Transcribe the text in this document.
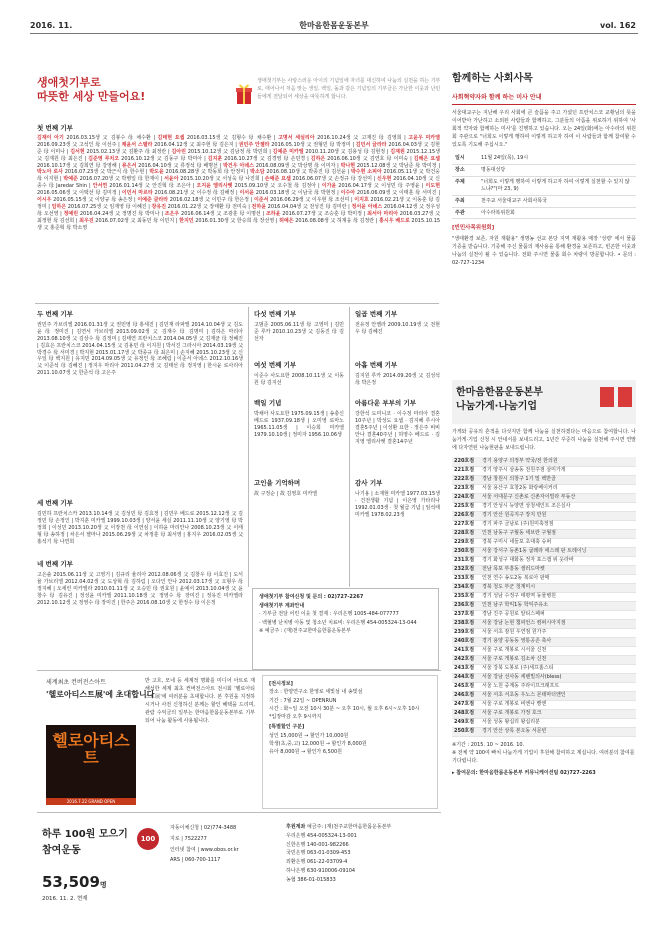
2016. 11.	한마음한몸운동본부	vol. 162
생애첫기부로
따뜻한 세상 만들어요!
생애첫기부는 사랑스러운 아이의 기념일에 자녀를 대신하여 나눔의 실천을 하는 기부로, 태어나서 처음 맞는 생일, 백일, 돌과 같은 기념일의 기부금은 가난한 이웃과 난민들에게 전달되어 세상을 따뜻하게 합니다.
첫 번째 기부
김재이 아기 2016.03.15생 父 김봉수 母 채수환 | 김태현 요셉 2016.03.15생 父 김형수 母 채수환 | 고명서 세실리아 2016.10.24생 父 고재진 母 김영희 | 고윤우 미카엘 2016.09.23생 父 고석인 母 이선주 | 채윤서 스텔라 2016.04.12생 父 최주현 母 김은지 | 권민주 안젤라 2016.05.10생 父 권형민 母 박정미 | 김민서 글라라 2016.04.03생 父 김현준 母 이미나 | 김서현 2015.02.13생 父 김환주 母 최정란 | 김아린 2015.10.12생 父 김남정 母 박민희 | 김예준 미카엘 2010.11.20생 父 김용성 母 김현정 | 김재원 2015.12.15생 父 김재원 母 최은진 | 김준영 루치오 2016.10.12생 父 김동구 母 박미아 | 김지훈 2016.10.27생 父 김경영 母 손민경 | 김하은 2016.06.10생 父 김연호 母 이미숙 | 김해은 요셉 2016.10.17생 父 김희연 母 강영해 | 류은서 2016.04.10생 父 류정석 母 배명선 | 박건우 아녜스 2016.08.09생 父 박상명 母 이미자 | 박나현 2015.12.08생 父 박남준 母 박미정 | 박노아 로사 2016.07.23생 父 박근식 母 한수현 | 박도윤 2016.08.28생 父 박동희 母 안정미 | 박소담 2016.08.10생 父 박종진 母 김선윤 | 박수현 소피아 2016.05.11생 父 박건웅 母 이지현 | 박예준 2016.07.20생 父 박병일 母 한재이 | 서윤아 2015.10.20생 父 서성욱 母 나진희 | 손예준 요셉 2016.06.07생 父 손정규 母 강선미 | 신우현 2016.04.10생 父 신종수 母 Jaredar Shin | 안서연 2016.01.14생 父 안진혁 母 조은아 | 오지윤 엘리사벳 2015.09.10생 父 오수철 母 김정아 | 이가윤 2016.04.17생 父 이성민 母 주영윤 | 이도현 2016.05.06생 父 이택선 母 김미정 | 이민서 마르타 2016.08.21생 父 이수정 母 김해정 | 이서윤 2016.03.18생 父 이남국 母 박현정 | 이수아 2016.06.09생 父 이태훈 母 서미진 | 이시우 2016.05.15생 父 이양규 母 송은정 | 이예준 클라라 2016.02.18생 父 이민구 母 한은정 | 이준서 2016.06.29생 父 이우현 母 조선미 | 이지호 2016.02.21생 父 이동훈 母 김정미 | 임하은 2016.07.25생 父 임재영 母 이혜진 | 장유진 2016.01.22생 父 장태환 母 전미숙 | 전하윤 2016.04.04생 父 전성진 母 김미란 | 정서윤 아녜스 2016.04.12생 父 정우성 母 오선영 | 정예린 2016.04.24생 父 정명진 母 박미나 | 조은우 2016.06.14생 父 조광훈 母 이명선 | 조하윤 2016.07.27생 父 조승훈 母 박미정 | 최서아 마리아 2016.03.27생 父 최정현 母 김선희 | 최우진 2016.07.02생 父 최동민 母 이민지 | 한지민 2016.01.30생 父 한승희 母 장선영 | 허예은 2016.08.08생 父 허재웅 母 김정란 | 홍시우 베드로 2015.10.15생 父 홍준혁 母 박소영
두 번째 기부

권민주 가브리엘 2016.01.31생 父 권민영 母 홍세진 | 김민재 라파엘 2014.10.04생 父 김도윤 母 정미진 | 김연서 가브리엘 2013.09.02생 父 김재수 母 김명미 | 김하은 마리아 2013.08.10생 父 김상수 母 김정미 | 김태연 프란치스코 2014.04.05생 父 김재균 母 정혜진 | 김효은 프란치스코 2014.04.15생 父 김용민 母 이지원 | 박서진 그라시아 2014.03.19생 父 박경수 母 서미경 | 박지현 2015.01.17생 父 박종규 母 최은미 | 손지혜 2015.10.23생 父 신우일 母 백지원 | 유지민 2014.09.05생 父 유정인 母 조혜림 | 이준서 아녜스 2012.10.16생 父 이준석 母 김혜진 | 정지우 마리아 2011.04.27생 父 김태선 母 정지영 | 한시윤 로사리아 2011.10.07생 父 한준석 母 고은주

세 번째 기부

김민하 프란치스카 2013.10.14생 父 김성민 母 김효정 | 김민우 베드로 2015.12.12생 父 김정민 母 손정인 | 박지훈 미카엘 1999.10.03생 | 양서윤 세실 2011.11.10생 父 양기영 母 박정희 | 이성민 2013.10.20생 父 이장천 母 이연심 | 이하윤 마리안나 2008.10.23생 父 이태형 母 송하정 | 차은서 젤마나 2015.06.29생 父 차정훈 母 최서영 | 홍지우 2016.02.05생 父 홍석기 母 나연희

네 번째 기부

고은솔 2015.06.11생 父 고영기 | 김규리 율리아 2012.08.06생 父 김창우 母 이효진 | 도서율 가브리엘 2012.04.02생 父 도상혁 母 김하림 | 오다인 안나 2012.03.17생 父 오형우 母 정지혜 | 오세린 미카엘라 2010.01.11생 父 오승민 母 권효원 | 윤예서 2013.10.04생 父 윤창수 母 김유진 | 정성윤 미카엘 2011.10.18생 父 정영수 母 장미진 | 정유진 미카엘라 2012.10.12생 父 정영수 母 장미진 | 한주은 2016.08.10생 父 한정수 母 이은정

다섯 번째 기부

고범준 2005.06.11생 母 고영미 | 김민준 루카 2010.10.23생 父 김동진 母 김선자

여섯 번째 기부

이준수 사도요한 2008.10.11생 父 이동원 母 김지선

백일 기념

박채아 사도요한 1975.09.15생 | 송충신 베드로 1937.09.18생 | 오미영 로마노 1965.11.05생 | 이승희 미카엘 1979.10.10생 | 정미자 1956.10.06생

고인을 기억하며

故 구정순 | 故 김영호 미카엘

일곱 번째 기부

전유정 안젤라 2009.10.19생 父 전현우 母 김혜진

아홉 번째 기부

김지원 루카 2014.09.20생 父 김성석 母 박은정

아름다운 부부의 기부

강한석 도미니코 · 이수정 마리아 결혼10주년 | 박성도 요셉 · 김지혜 루시아 결혼5주년 | 이성환 요한 · 정은주 비비안나 결혼40주년 | 허영수 베드로 · 김지영 엘리사벳 결혼14주년

감사 기부

나기용 | 소재현 미카엘 1977.03.15생 · 건전생활 기념 | 이은영 가타리나 1992.01.03생 · 첫 월급 기념 | 임석태 미카엘 1978.02.23생

생애첫기부 참여신청 및 문의 : 02)727-2267
생애첫기부 계좌안내
· 기부금 전달 어린 이웃 첫 결제 : 우리은행 1005-484-077777
· 백혈병 난치병 아동 및 청소년 치료비: 우리은행 454-005324-13-044
※ 예금주 : (재)천주교한마음한몸운동본부
세계최초 컨버전스아트
'헬로아티스트展'에 초대합니다
반 고흐, 모네 등 세계적 명화를 미디어 아트로 재해석한 세계 최초 컨버전스아트 전시회 '헬로아티스트展'에 여러분을 초대합니다. 본 후원을 지정하시거나 사전 신청하신 분께는 할인 혜택을 드리며, 관람 수익금의 일부는 한마음한몸운동본부로 기부되어 나눔 활동에 사용됩니다.
[전시정보]
장소 : 한양연구소 한영로 세빛섬 내 송빛섬
기간 : 7월 22일 ~ OPENRUN
시간 : 화~일 오전 10시 30분 ~ 오후 10시, 월 오후 6시~오후 10시
*입장마감 오후 9시까지
[특별할인 구분]
성인 15,000원 → 할인가 10,000원
학생(초,중,고) 12,000원 → 할인가 8,000원
유아 8,000원 → 할인가 6,500원
헬로아티스트
2016.7.22 GRAND OPEN
하루 100원 모으기
참여운동
100
53,509명
2016. 11. 2. 현재
자동이체신청 | 02)774-3488
지로 | 7522277
인터넷 참여 | www.obos.or.kr
ARS | 060-700-1117
후원계좌 예금주: (재)천주교한마음한몸운동본부
우리은행 454-005324-13-001
신한은행 140-001-982266
국민은행 063-01-0309-453
외환은행 061-22-03709-4
하나은행 630-910006-09104
농협 386-01-015833
함께하는 사회사목
사회혁약자와 함께 하는 미사 안내
서울대교구는 지난해 우리 사회에 큰 슬픔을 주고 가셨던 프란치스코 교황님의 뜻을 이어받아 가난하고 소외된 사람들과 함께하고, 그분들의 아픔을 위로하기 위하여 '사회적 약자와 함께하는 미사'를 진행하고 있습니다. 오는 24일(화)에는 아수라의 위원회 주관으로 "너희도 이렇게 행하여 이렇게 하고자 하여 이 사람들과 함께 참여할 수 있도록 기도해 주십시오."
일시	11월 24일(목), 19시
장소	명동대성당
주제	"너희도 이렇게 행하여 이렇게 하고자 하여 이렇게 실천할 수 있지 않느냐?"(마 23, 9)
주최	천주교 서울대교구 사회사목국
주관	아수라복위원회
[빈민사목위원회]
"생태환경 보존, 자원 재활용" 생명농 선교 본당 지역 재활용 매장 '성령' 에서 물품 기증을 받습니다. 기증해 주신 물품의 재사용을 통해 환경을 보존하고, 빈곤한 이웃과 나눔의 실천이 될 수 있습니다. 전화 주시면 물품 회수 차량이 방문합니다. • 문의 : 02-727-1234
한마음한몸운동본부
나눔가게·나눔기업
가게와 공유의 흔적을 다섯지만 함께 나눔을 실천하겠다는 마음으로 참여합니다. 나눔가게·기업 신청 시 안내서를 보내드리고, 1년간 꾸준히 나눔을 실천해 주시면 연말에 다자연된 나눔현판을 보내드립니다.
220호점	경기 용양구 의정부 약국/전 한의원
221호점	경기 양주시 삼송동 전원주점 삼미가게
222호점	경남 창원시 의창구 1기 밀 백반골
223호점	서울 용산구 효창2동 화랑베이커리
224호점	서울 서대문구 신촌로 신촌자이빌라 부동산
225호점	경기 안성시 뉴양면 상청세인트 조은실사
226호점	경기 안산 원곡지구 장지 만원
227호점	경기 파주 금남로 (주)원미축정점
228호점	인천 남동구 구월동 세브란 구월점
229호점	경북 구미시 네들포 초대축 슈퍼
230호점	서울 강서구 등촌1동 굽레라 애스레 판 트레이닝
231호점	경기 화성구 대화동 정자 포스캡 위 옷라바
232호점	전남 목포 부흥동 샐러드마켓
233호점	인천 연수 송도2동 복로아 판매
234호점	경북 청도 부군 청계미시
235호점	경기 성남 수정구 태평역 동물병원
236호점	인천 남구 학익1동 학익주유소
237호점	경남 진주 공원로 알티스페퍼
238호점	서울 강남 논현 챔피언스 컴퍼시아지점
239호점	서울 서초 잠원 우연점 원가주
240호점	경기 용양 공동동 영통공존 축사
241호점	서울 구로 개봉로 시서울 신천
242호점	서울 구로 개봉로 김소차 신천
243호점	서울 강북 도봉로 (주)세프홈스티
244호점	서울 강남 선사동 세렌빌의사(bless)
245호점	서울 노원 중계동 주라이프크래프트
246호점	서울 서초 서초동 우노스 몬테마더앤인
247호점	서울 구로 개봉로 비엔나 빵엔
248호점	서울 구로 개봉로 가정 호크
249호점	서울 성동 왕십리 왕십리분
250호점	경기 안산 상록 본오동 서문빈
※기간 : 2015. 10 ~ 2016. 10.
※ 전체 약 100여 빠치 나눔가게 기업이 후원해 참여하고 계십니다. 여러분의 참여를 기다립니다.
▸ 참여문의: 한마음한몸운동본부 커뮤니케이션팀 02)727-2263
